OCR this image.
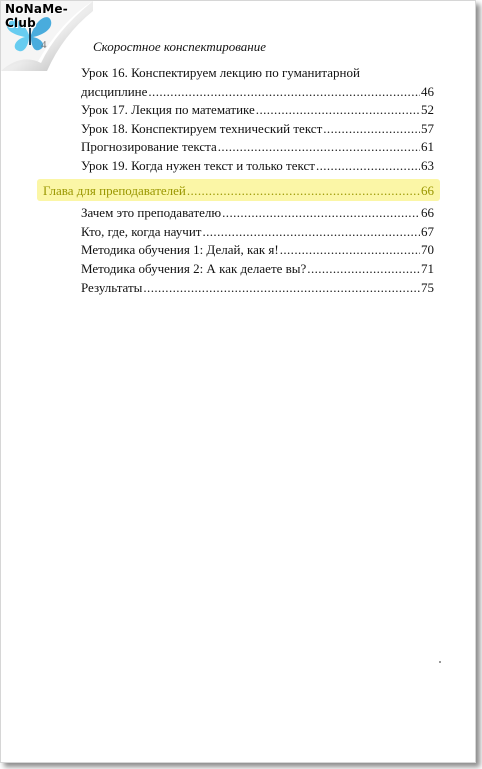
NoNaMe-Club
4	Скоростное конспектирование
Урок 16. Конспектируем лекцию по гуманитарной
дисциплине .....	46
Урок 17. Лекция по математике .....	52
Урок 18. Конспектируем технический текст .....	57
Прогнозирование текста .....	61
Урок 19. Когда нужен текст и только текст .....	63
Глава для преподавателей .....	66
Зачем это преподавателю .....	66
Кто, где, когда научит .....	67
Методика обучения 1: Делай, как я! .....	70
Методика обучения 2: А как делаете вы? .....	71
Результаты .....	75
